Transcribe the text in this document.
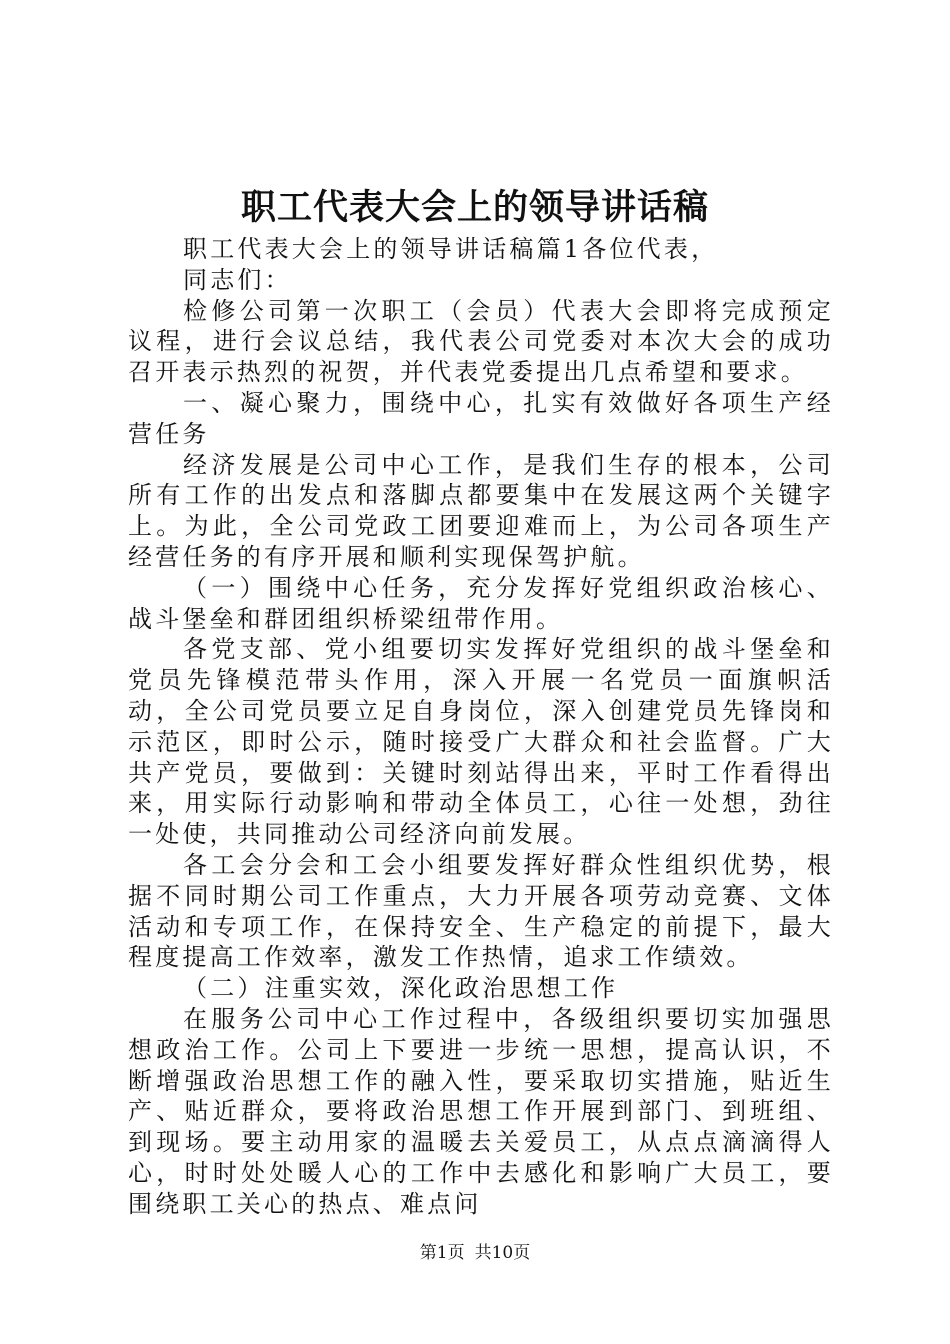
职工代表大会上的领导讲话稿

职工代表大会上的领导讲话稿篇1各位代表，

同志们：

检修公司第一次职工（会员）代表大会即将完成预定议程，进行会议总结，我代表公司党委对本次大会的成功召开表示热烈的祝贺，并代表党委提出几点希望和要求。

一、凝心聚力，围绕中心，扎实有效做好各项生产经营任务

经济发展是公司中心工作，是我们生存的根本，公司所有工作的出发点和落脚点都要集中在发展这两个关键字上。为此，全公司党政工团要迎难而上，为公司各项生产经营任务的有序开展和顺利实现保驾护航。

（一）围绕中心任务，充分发挥好党组织政治核心、战斗堡垒和群团组织桥梁纽带作用。

各党支部、党小组要切实发挥好党组织的战斗堡垒和党员先锋模范带头作用，深入开展一名党员一面旗帜活动，全公司党员要立足自身岗位，深入创建党员先锋岗和示范区，即时公示，随时接受广大群众和社会监督。广大共产党员，要做到：关键时刻站得出来，平时工作看得出来，用实际行动影响和带动全体员工，心往一处想，劲往一处使，共同推动公司经济向前发展。

各工会分会和工会小组要发挥好群众性组织优势，根据不同时期公司工作重点，大力开展各项劳动竞赛、文体活动和专项工作，在保持安全、生产稳定的前提下，最大程度提高工作效率，激发工作热情，追求工作绩效。

（二）注重实效，深化政治思想工作

在服务公司中心工作过程中，各级组织要切实加强思想政治工作。公司上下要进一步统一思想，提高认识，不断增强政治思想工作的融入性，要采取切实措施，贴近生产、贴近群众，要将政治思想工作开展到部门、到班组、到现场。要主动用家的温暖去关爱员工，从点点滴滴得人心，时时处处暖人心的工作中去感化和影响广大员工，要围绕职工关心的热点、难点问

第1页 共10页
